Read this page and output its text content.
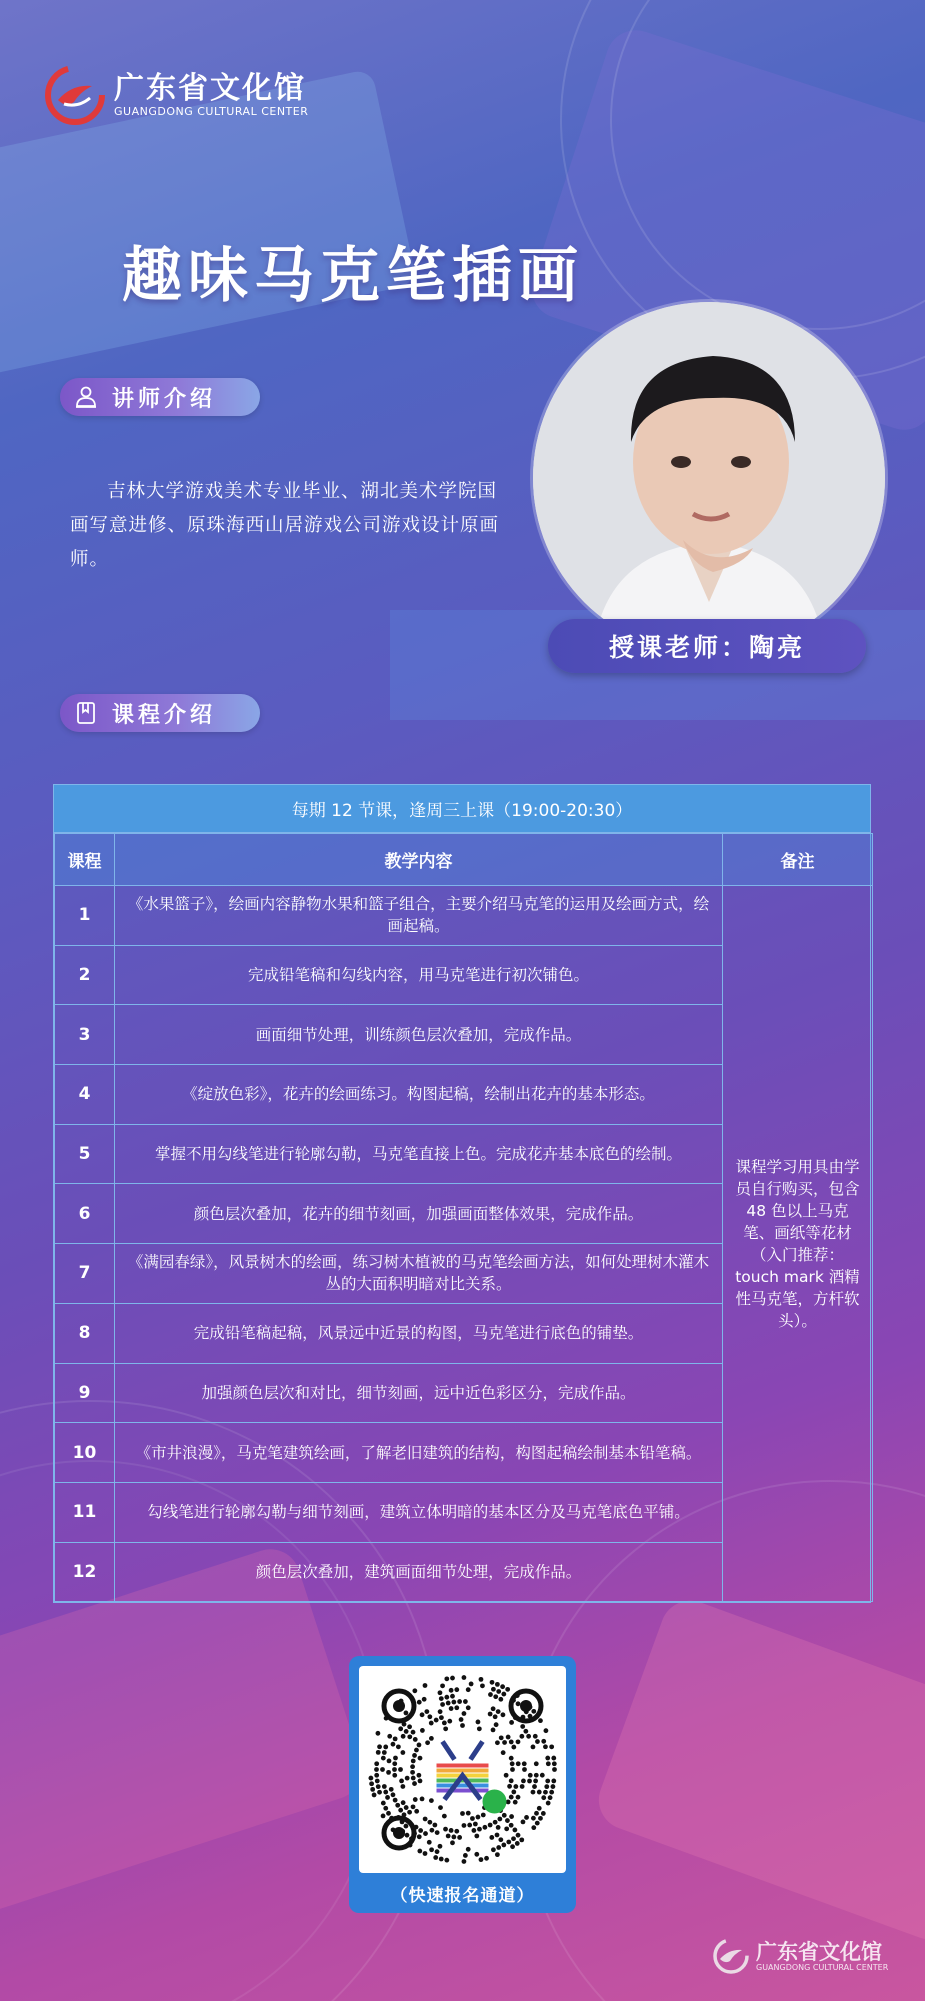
广东省文化馆
GUANGDONG CULTURAL CENTER
趣味马克笔插画
讲师介绍
吉林大学游戏美术专业毕业、湖北美术学院国画写意进修、原珠海西山居游戏公司游戏设计原画师。
授课老师：陶亮
课程介绍
每期 12 节课，逢周三上课（19:00-20:30）
课程	教学内容	备注
1	《水果篮子》，绘画内容静物水果和篮子组合，主要介绍马克笔的运用及绘画方式，绘画起稿。	课程学习用具由学员自行购买，包含 48 色以上马克笔、画纸等花材（入门推荐：touch mark 酒精性马克笔，方杆软头）。
2	完成铅笔稿和勾线内容，用马克笔进行初次铺色。	
3	画面细节处理，训练颜色层次叠加，完成作品。	
4	《绽放色彩》，花卉的绘画练习。构图起稿，绘制出花卉的基本形态。	
5	掌握不用勾线笔进行轮廓勾勒，马克笔直接上色。完成花卉基本底色的绘制。	
6	颜色层次叠加，花卉的细节刻画，加强画面整体效果，完成作品。	
7	《满园春绿》，风景树木的绘画，练习树木植被的马克笔绘画方法，如何处理树木灌木丛的大面积明暗对比关系。	
8	完成铅笔稿起稿，风景远中近景的构图，马克笔进行底色的铺垫。	
9	加强颜色层次和对比，细节刻画，远中近色彩区分，完成作品。	
10	《市井浪漫》，马克笔建筑绘画，了解老旧建筑的结构，构图起稿绘制基本铅笔稿。	
11	勾线笔进行轮廓勾勒与细节刻画，建筑立体明暗的基本区分及马克笔底色平铺。	
12	颜色层次叠加，建筑画面细节处理，完成作品。	
（快速报名通道）
广东省文化馆
GUANGDONG CULTURAL CENTER
